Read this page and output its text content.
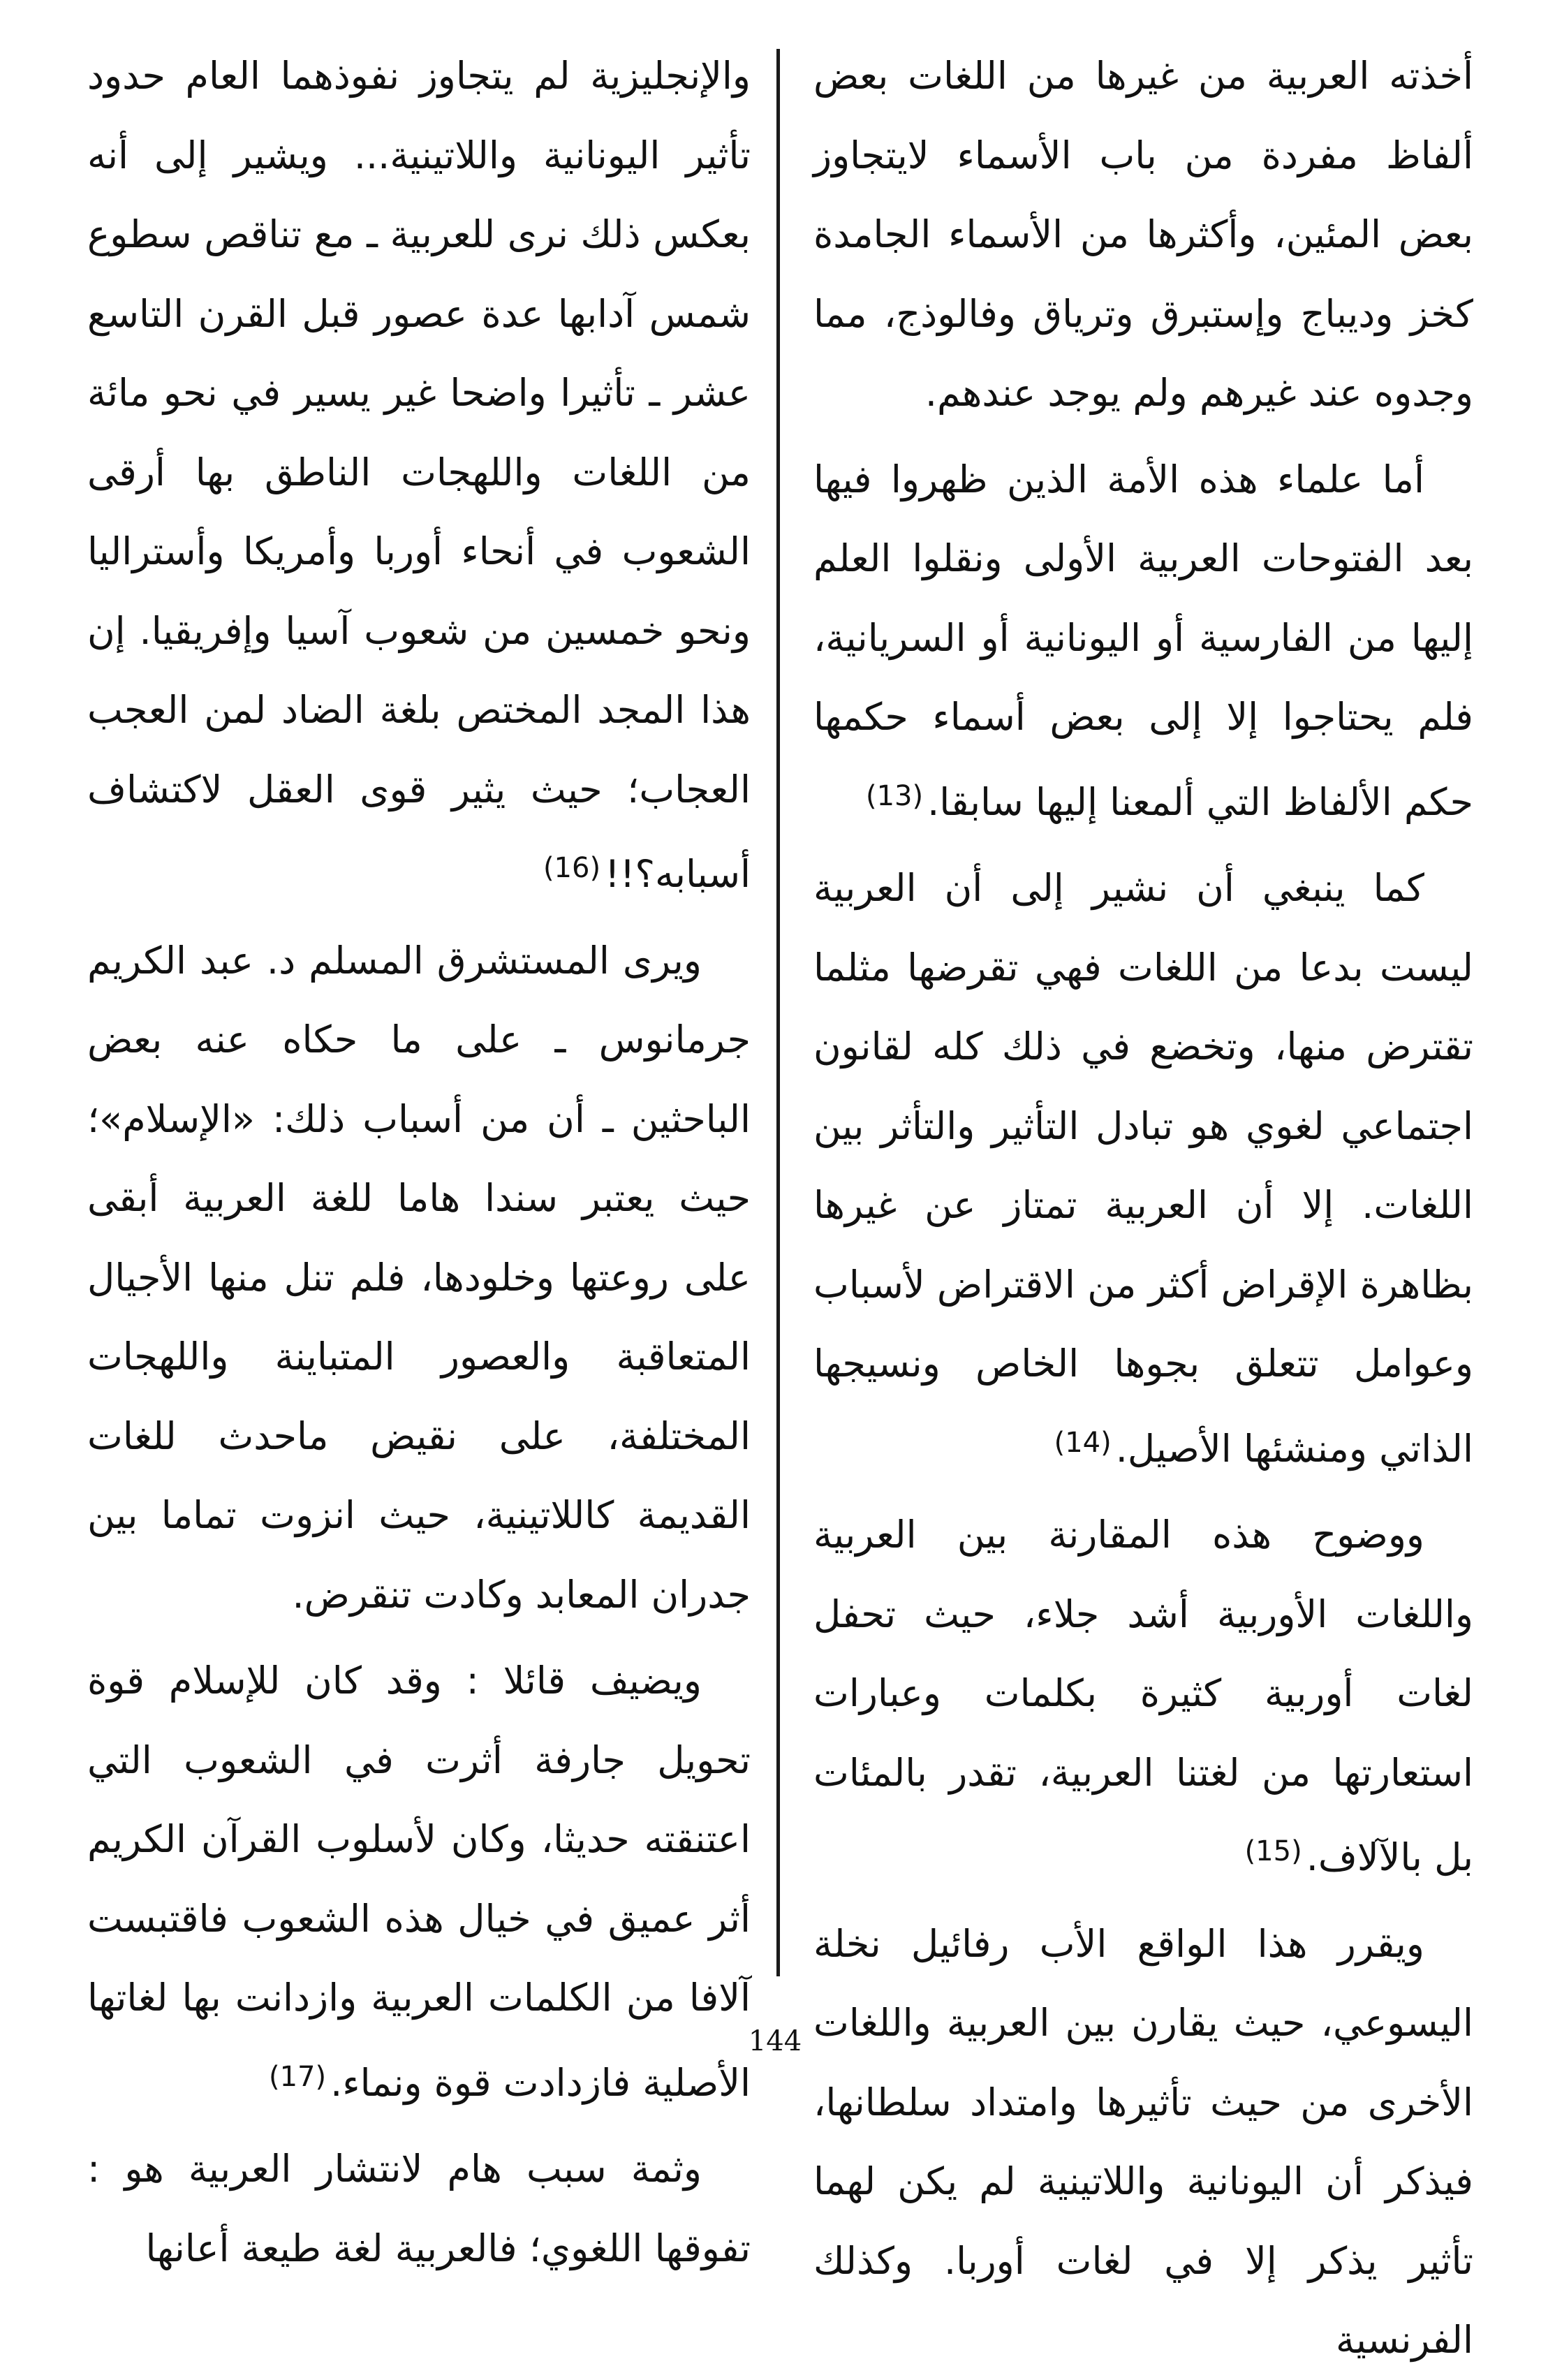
أخذته العربية من غيرها من اللغات بعض ألفاظ مفردة من باب الأسماء لايتجاوز بعض المئين، وأكثرها من الأسماء الجامدة كخز وديباج وإستبرق وترياق وفالوذج، مما وجدوه عند غيرهم ولم يوجد عندهم.

أما علماء هذه الأمة الذين ظهروا فيها بعد الفتوحات العربية الأولى ونقلوا العلم إليها من الفارسية أو اليونانية أو السريانية، فلم يحتاجوا إلا إلى بعض أسماء حكمها حكم الألفاظ التي ألمعنا إليها سابقا.(13)

كما ينبغي أن نشير إلى أن العربية ليست بدعا من اللغات فهي تقرضها مثلما تقترض منها، وتخضع في ذلك كله لقانون اجتماعي لغوي هو تبادل التأثير والتأثر بين اللغات. إلا أن العربية تمتاز عن غيرها بظاهرة الإقراض أكثر من الاقتراض لأسباب وعوامل تتعلق بجوها الخاص ونسيجها الذاتي ومنشئها الأصيل.(14)

ووضوح هذه المقارنة بين العربية واللغات الأوربية أشد جلاء، حيث تحفل لغات أوربية كثيرة بكلمات وعبارات استعارتها من لغتنا العربية، تقدر بالمئات بل بالآلاف.(15)

ويقرر هذا الواقع الأب رفائيل نخلة اليسوعي، حيث يقارن بين العربية واللغات الأخرى من حيث تأثيرها وامتداد سلطانها، فيذكر أن اليونانية واللاتينية لم يكن لهما تأثير يذكر إلا في لغات أوربا. وكذلك الفرنسية

والإنجليزية لم يتجاوز نفوذهما العام حدود تأثير اليونانية واللاتينية... ويشير إلى أنه بعكس ذلك نرى للعربية ـ مع تناقص سطوع شمس آدابها عدة عصور قبل القرن التاسع عشر ـ تأثيرا واضحا غير يسير في نحو مائة من اللغات واللهجات الناطق بها أرقى الشعوب في أنحاء أوربا وأمريكا وأستراليا ونحو خمسين من شعوب آسيا وإفريقيا. إن هذا المجد المختص بلغة الضاد لمن العجب العجاب؛ حيث يثير قوى العقل لاكتشاف أسبابه؟!!(16)

ويرى المستشرق المسلم د. عبد الكريم جرمانوس ـ على ما حكاه عنه بعض الباحثين ـ أن من أسباب ذلك: «الإسلام»؛ حيث يعتبر سندا هاما للغة العربية أبقى على روعتها وخلودها، فلم تنل منها الأجيال المتعاقبة والعصور المتباينة واللهجات المختلفة، على نقيض ماحدث للغات القديمة كاللاتينية، حيث انزوت تماما بين جدران المعابد وكادت تنقرض.

ويضيف قائلا : وقد كان للإسلام قوة تحويل جارفة أثرت في الشعوب التي اعتنقته حديثا، وكان لأسلوب القرآن الكريم أثر عميق في خيال هذه الشعوب فاقتبست آلافا من الكلمات العربية وازدانت بها لغاتها الأصلية فازدادت قوة ونماء.(17)

وثمة سبب هام لانتشار العربية هو : تفوقها اللغوي؛ فالعربية لغة طيعة أعانها

144
